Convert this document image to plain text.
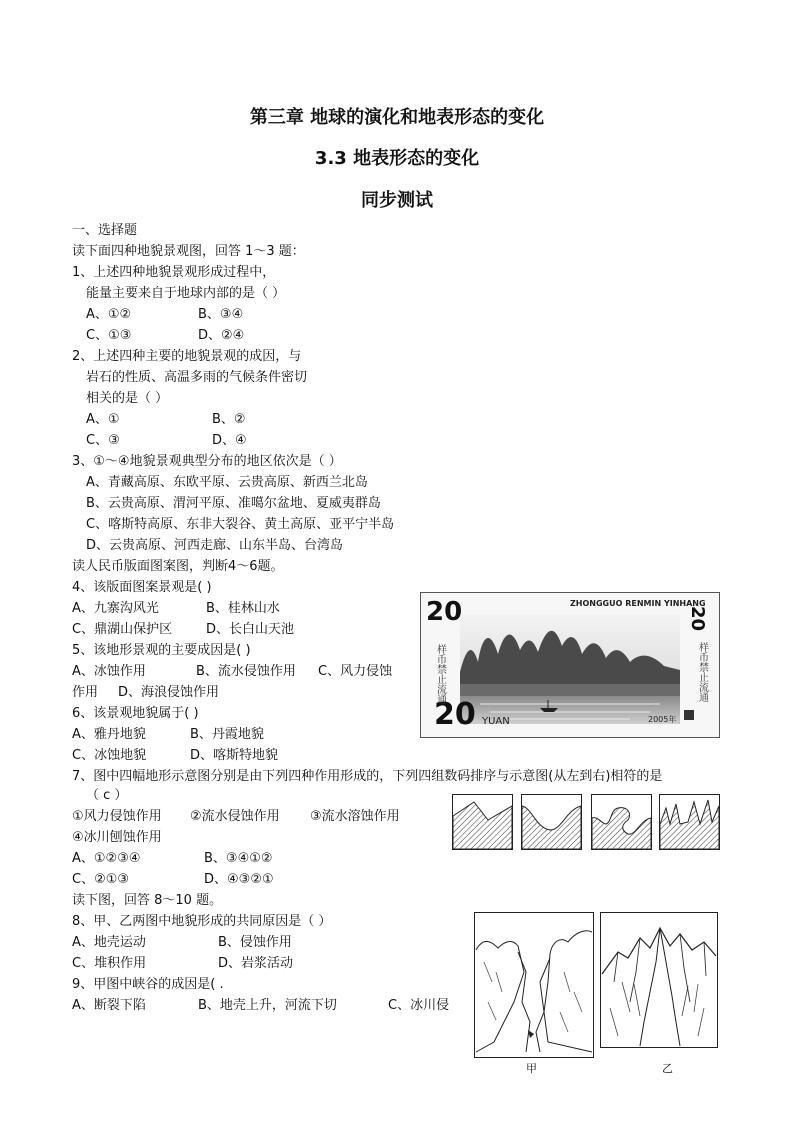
第三章 地球的演化和地表形态的变化
3.3 地表形态的变化
同步测试
一、选择题
读下面四种地貌景观图，回答 1～3 题：
1、上述四种地貌景观形成过程中，
能量主要来自于地球内部的是（ ）
A、①②	B、③④
C、①③	D、②④
2、上述四种主要的地貌景观的成因，与
岩石的性质、高温多雨的气候条件密切
相关的是（ ）
A、①	B、②
C、③	D、④
3、①～④地貌景观典型分布的地区依次是（ ）
A、青藏高原、东欧平原、云贵高原、新西兰北岛
B、云贵高原、渭河平原、准噶尔盆地、夏威夷群岛
C、喀斯特高原、东非大裂谷、黄土高原、亚平宁半岛
D、云贵高原、河西走廊、山东半岛、台湾岛
读人民币版面图案图，判断4～6题。
4、该版面图案景观是( )
A、九寨沟风光	B、桂林山水
C、鼎湖山保护区	D、长白山天池
5、该地形景观的主要成因是( )
A、冰蚀作用	B、流水侵蚀作用 C、风力侵蚀
作用 D、海浪侵蚀作用
6、该景观地貌属于( )
A、雅丹地貌	B、丹霞地貌
C、冰蚀地貌	D、喀斯特地貌
7、图中四幅地形示意图分别是由下列四种作用形成的，下列四组数码排序与示意图(从左到右)相符的是
（ c ）
①风力侵蚀作用 ②流水侵蚀作用 ③流水溶蚀作用
④冰川刨蚀作用
A、①②③④	B、③④①②
C、②①③	D、④③②①
读下图，回答 8～10 题。
8、甲、乙两图中地貌形成的共同原因是（ ）
A、地壳运动	B、侵蚀作用
C、堆积作用	D、岩浆活动
9、甲图中峡谷的成因是( .
A、断裂下陷	B、地壳上升，河流下切	C、冰川侵
20	ZHONGGUO RENMIN YINHANG
20 YUAN	2005年
20
样币禁止流通	样币禁止流通
甲	乙
